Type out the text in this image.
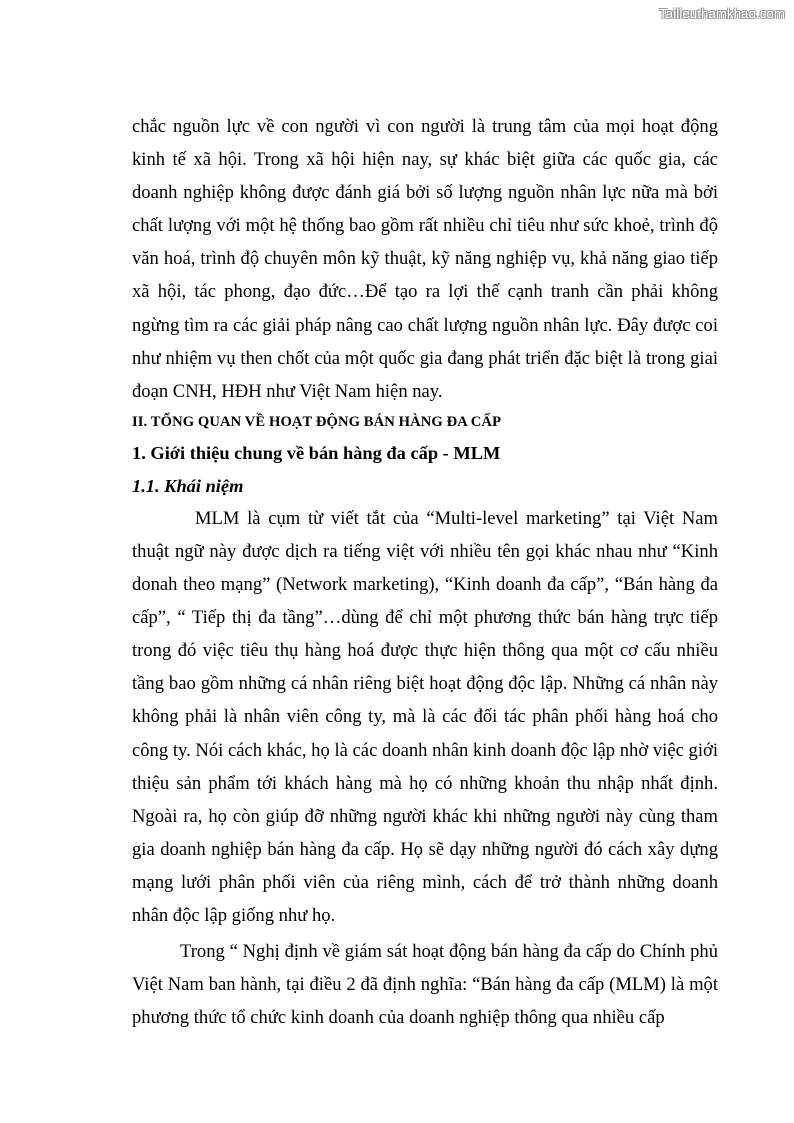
Tailieuthamkhao.com

chắc nguồn lực về con người vì con người là trung tâm của mọi hoạt động kinh tế xã hội. Trong xã hội hiện nay, sự khác biệt giữa các quốc gia, các doanh nghiệp không được đánh giá bởi số lượng nguồn nhân lực nữa mà bởi chất lượng với một hệ thống bao gồm rất nhiều chỉ tiêu như sức khoẻ, trình độ văn hoá, trình độ chuyên môn kỹ thuật, kỹ năng nghiệp vụ, khả năng giao tiếp xã hội, tác phong, đạo đức…Để tạo ra lợi thế cạnh tranh cần phải không ngừng tìm ra các giải pháp nâng cao chất lượng nguồn nhân lực. Đây được coi như nhiệm vụ then chốt của một quốc gia đang phát triển đặc biệt là trong giai đoạn CNH, HĐH như Việt Nam hiện nay.

II. TỔNG QUAN VỀ HOẠT ĐỘNG BÁN HÀNG ĐA CẤP

1. Giới thiệu chung về bán hàng đa cấp - MLM

1.1. Khái niệm

MLM là cụm từ viết tắt của “Multi-level marketing” tại Việt Nam thuật ngữ này được dịch ra tiếng việt với nhiều tên gọi khác nhau như “Kinh donah theo mạng” (Network marketing), “Kinh doanh đa cấp”, “Bán hàng đa cấp”, “ Tiếp thị đa tầng”…dùng để chỉ một phương thức bán hàng trực tiếp trong đó việc tiêu thụ hàng hoá được thực hiện thông qua một cơ cấu nhiều tầng bao gồm những cá nhân riêng biệt hoạt động độc lập. Những cá nhân này không phải là nhân viên công ty, mà là các đối tác phân phối hàng hoá cho công ty. Nói cách khác, họ là các doanh nhân kinh doanh độc lập nhờ việc giới thiệu sản phẩm tới khách hàng mà họ có những khoản thu nhập nhất định. Ngoài ra, họ còn giúp đỡ những người khác khi những người này cùng tham gia doanh nghiệp bán hàng đa cấp. Họ sẽ dạy những người đó cách xây dựng mạng lưới phân phối viên của riêng mình, cách để trở thành những doanh nhân độc lập giống như họ.

Trong “ Nghị định về giám sát hoạt động bán hàng đa cấp do Chính phủ Việt Nam ban hành, tại điều 2 đã định nghĩa: “Bán hàng đa cấp (MLM) là một phương thức tổ chức kinh doanh của doanh nghiệp thông qua nhiều cấp
